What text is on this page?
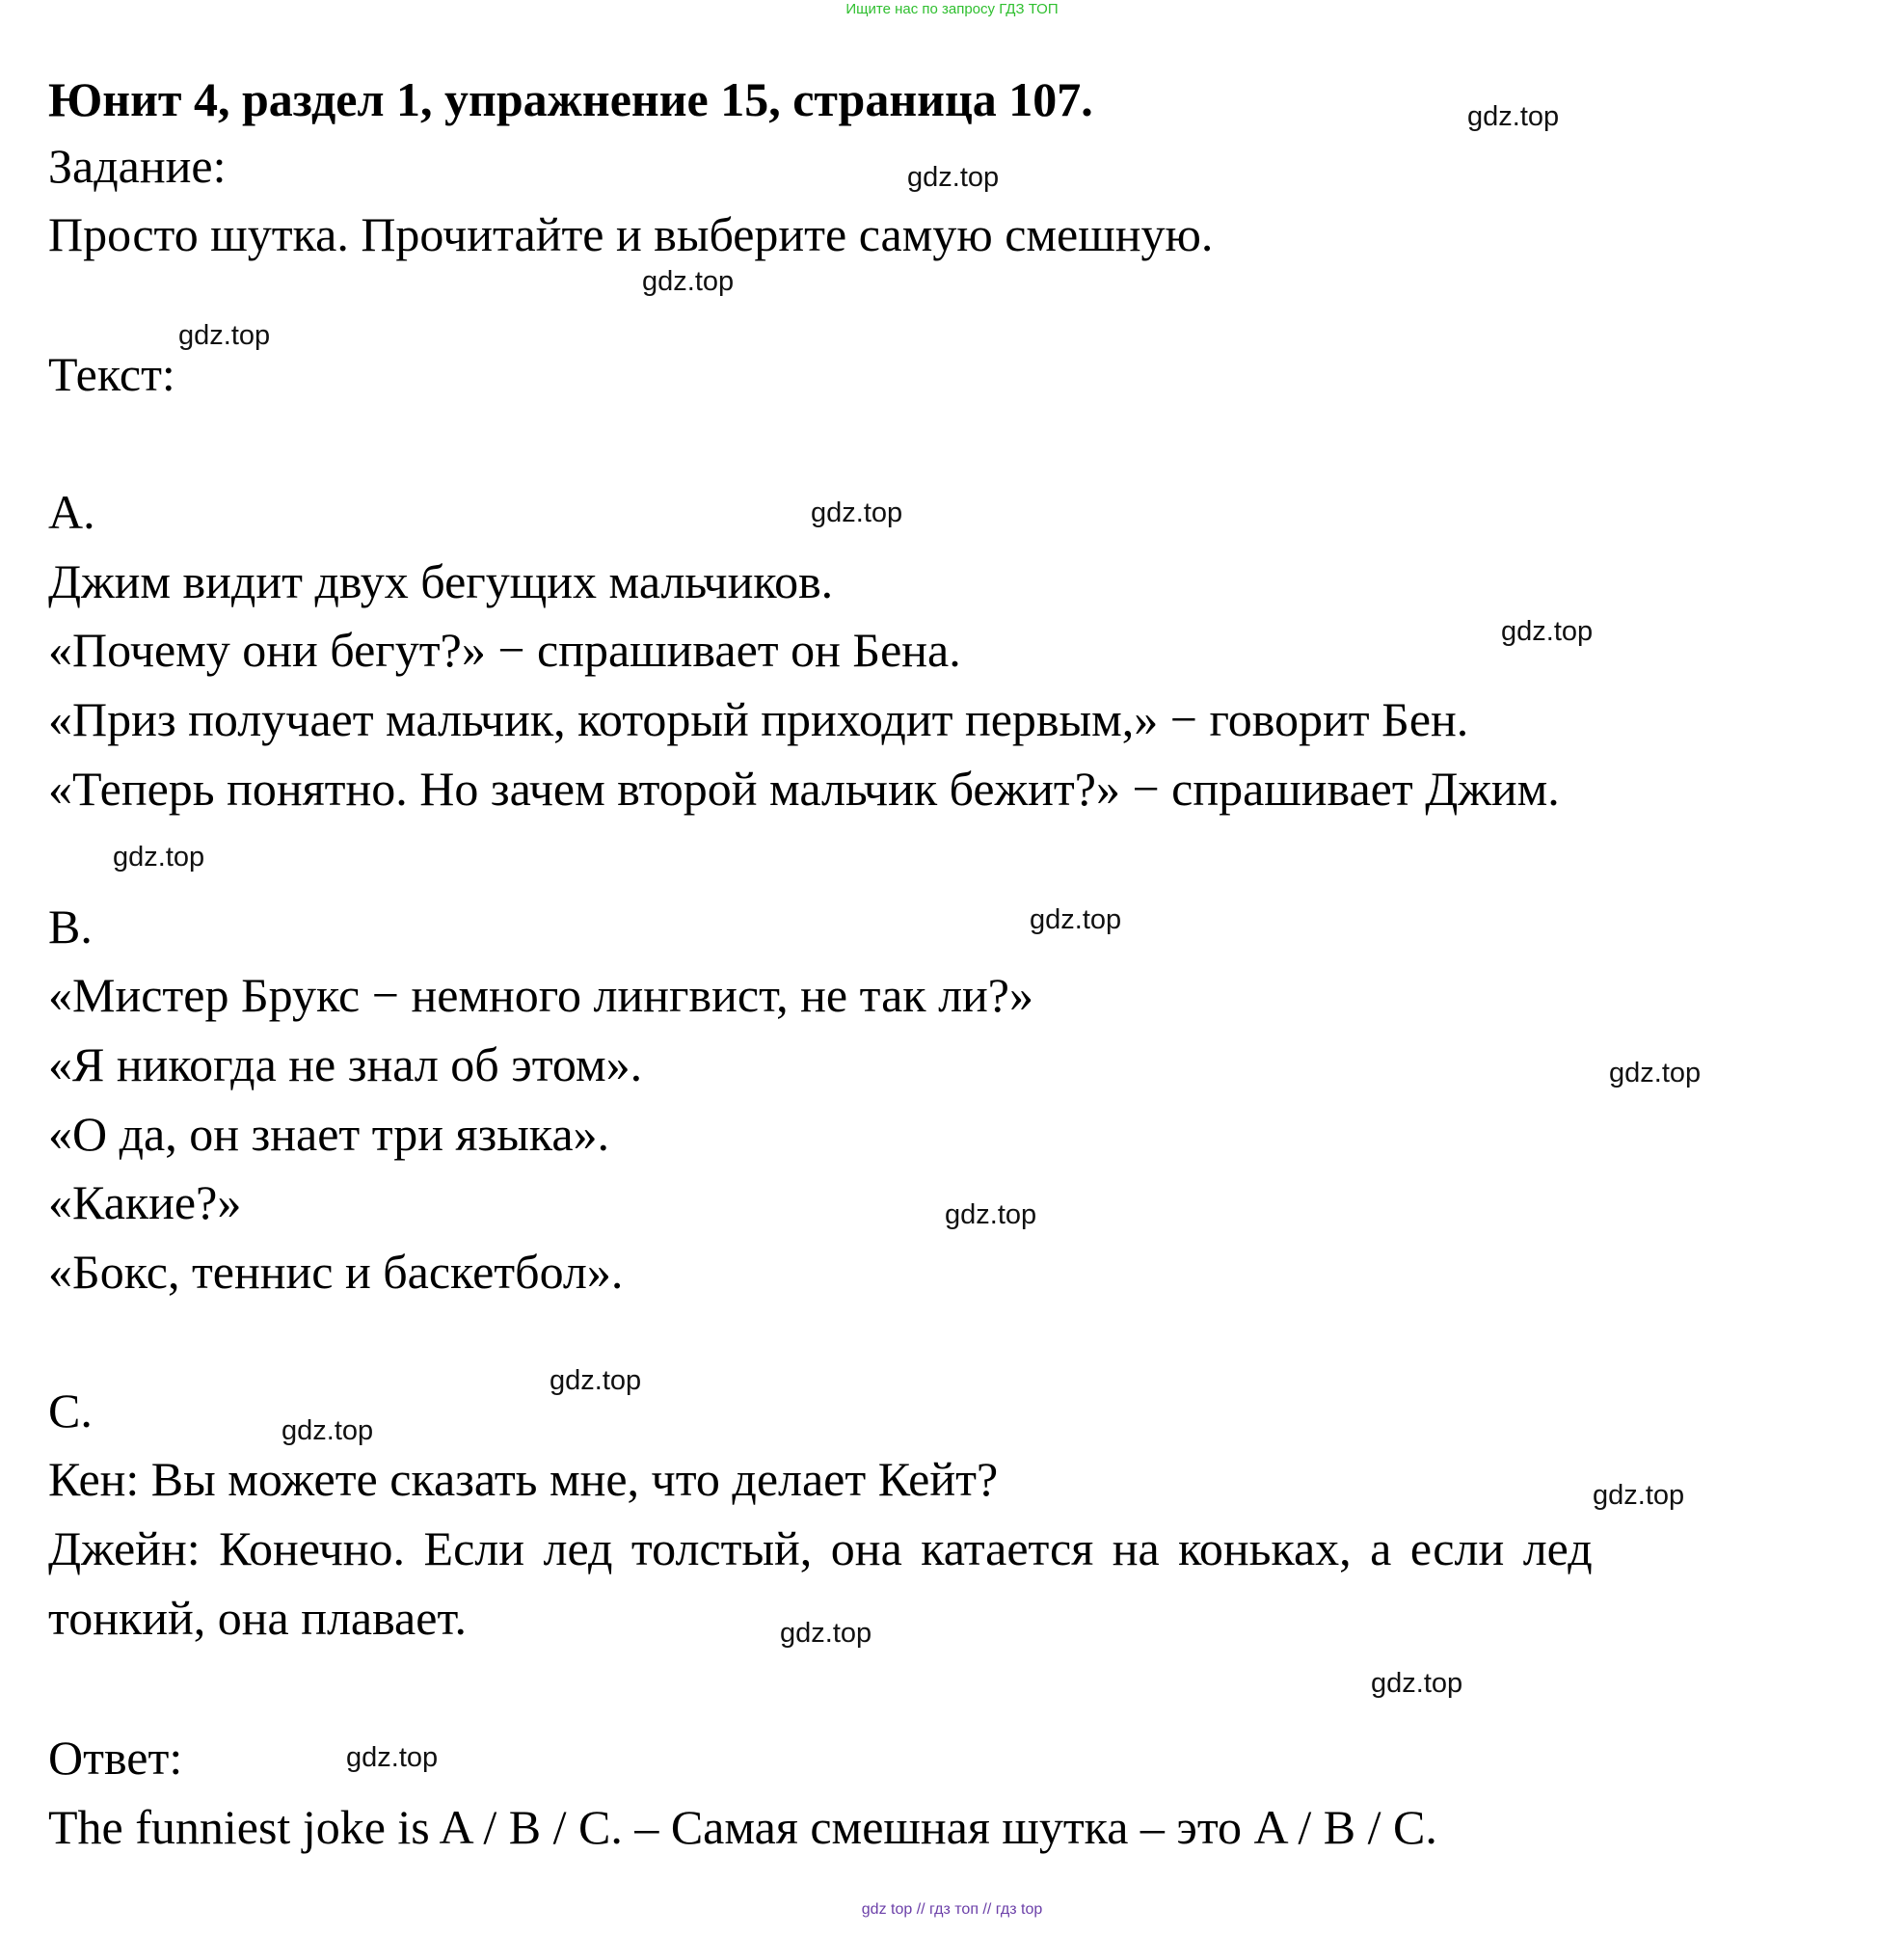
Ищите нас по запросу ГДЗ ТОП
Юнит 4, раздел 1, упражнение 15, страница 107.
Задание:
Просто шутка. Прочитайте и выберите самую смешную.
Текст:
A.
Джим видит двух бегущих мальчиков.
«Почему они бегут?» − спрашивает он Бена.
«Приз получает мальчик, который приходит первым,» − говорит Бен.
«Теперь понятно. Но зачем второй мальчик бежит?» − спрашивает Джим.
B.
«Мистер Брукс − немного лингвист, не так ли?»
«Я никогда не знал об этом».
«О да, он знает три языка».
«Какие?»
«Бокс, теннис и баскетбол».
C.
Кен: Вы можете сказать мне, что делает Кейт?
Джейн: Конечно. Если лед толстый, она катается на коньках, а если лед
тонкий, она плавает.
Ответ:
The funniest joke is A / B / C. – Самая смешная шутка – это A / B / C.
gdz.top
gdz.top
gdz.top
gdz.top
gdz.top
gdz.top
gdz.top
gdz.top
gdz.top
gdz.top
gdz.top
gdz.top
gdz.top
gdz.top
gdz.top
gdz.top
gdz top // гдз топ // гдз top
